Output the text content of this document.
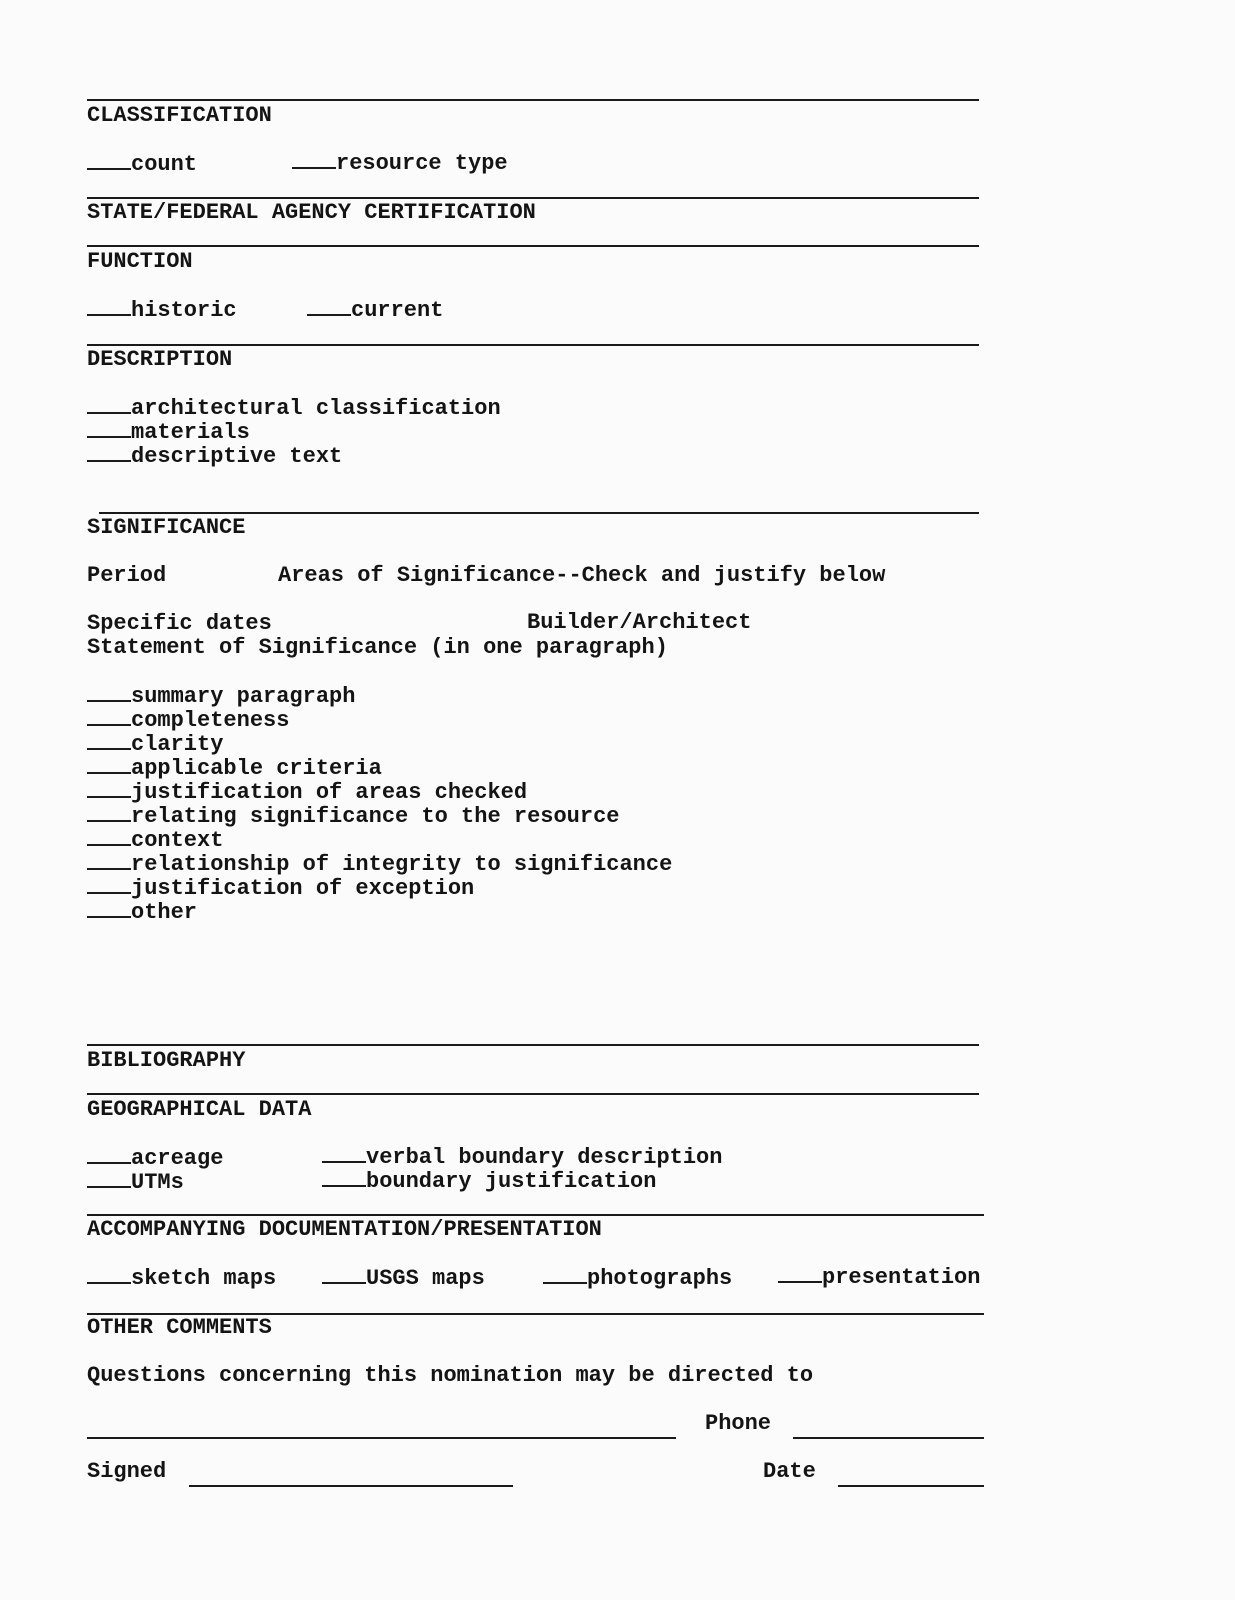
CLASSIFICATION
count	resource type
STATE/FEDERAL AGENCY CERTIFICATION
FUNCTION
historic	current
DESCRIPTION
architectural classification
materials
descriptive text
SIGNIFICANCE
Period	Areas of Significance--Check and justify below
Specific dates	Builder/Architect
Statement of Significance (in one paragraph)
summary paragraph
completeness
clarity
applicable criteria
justification of areas checked
relating significance to the resource
context
relationship of integrity to significance
justification of exception
other
BIBLIOGRAPHY
GEOGRAPHICAL DATA
acreage	verbal boundary description
UTMs	boundary justification
ACCOMPANYING DOCUMENTATION/PRESENTATION
sketch maps	USGS maps	photographs	presentation
OTHER COMMENTS
Questions concerning this nomination may be directed to
Phone
Signed	Date
